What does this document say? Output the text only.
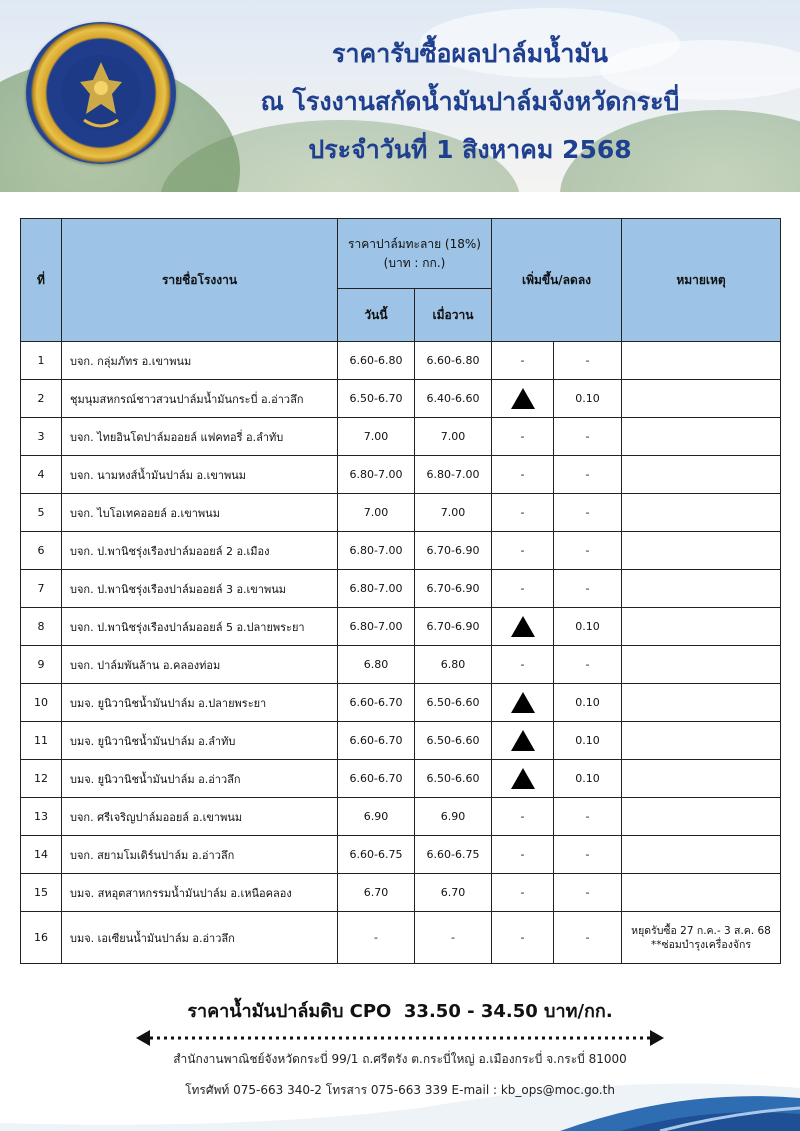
ราคารับซื้อผลปาล์มน้ำมัน
ณ โรงงานสกัดน้ำมันปาล์มจังหวัดกระบี่
ประจำวันที่ 1 สิงหาคม 2568
ที่	รายชื่อโรงงาน	ราคาปาล์มทะลาย (18%)
(บาท : กก.)		เพิ่มขึ้น/ลดลง		หมายเหตุ
		วันนี้	เมื่อวาน			
1	บจก. กลุ่มภัทร อ.เขาพนม	6.60-6.80	6.60-6.80	-	-	

2	ชุมนุมสหกรณ์ชาวสวนปาล์มน้ำมันกระบี่ อ.อ่าวลึก	6.50-6.70	6.40-6.60		0.10	

3	บจก. ไทยอินโดปาล์มออยล์ แฟคทอรี่ อ.ลำทับ	7.00	7.00	-	-	

4	บจก. นามหงส์น้ำมันปาล์ม อ.เขาพนม	6.80-7.00	6.80-7.00	-	-	

5	บจก. ไบโอเทคออยล์ อ.เขาพนม	7.00	7.00	-	-	

6	บจก. ป.พานิชรุ่งเรืองปาล์มออยล์ 2 อ.เมือง	6.80-7.00	6.70-6.90	-	-	

7	บจก. ป.พานิชรุ่งเรืองปาล์มออยล์ 3 อ.เขาพนม	6.80-7.00	6.70-6.90	-	-	

8	บจก. ป.พานิชรุ่งเรืองปาล์มออยล์ 5 อ.ปลายพระยา	6.80-7.00	6.70-6.90		0.10	

9	บจก. ปาล์มพันล้าน อ.คลองท่อม	6.80	6.80	-	-	

10	บมจ. ยูนิวานิชน้ำมันปาล์ม อ.ปลายพระยา	6.60-6.70	6.50-6.60		0.10	

11	บมจ. ยูนิวานิชน้ำมันปาล์ม อ.ลำทับ	6.60-6.70	6.50-6.60		0.10	

12	บมจ. ยูนิวานิชน้ำมันปาล์ม อ.อ่าวลึก	6.60-6.70	6.50-6.60		0.10	

13	บจก. ศรีเจริญปาล์มออยล์ อ.เขาพนม	6.90	6.90	-	-	

14	บจก. สยามโมเดิร์นปาล์ม อ.อ่าวลึก	6.60-6.75	6.60-6.75	-	-	

15	บมจ. สหอุตสาหกรรมน้ำมันปาล์ม อ.เหนือคลอง	6.70	6.70	-	-	

16	บมจ. เอเซียนน้ำมันปาล์ม อ.อ่าวลึก	-	-	-	-	หยุดรับซื้อ 27 ก.ค.- 3 ส.ค. 68
**ซ่อมบำรุงเครื่องจักร
ราคาน้ำมันปาล์มดิบ CPO 33.50 - 34.50 บาท/กก.
สำนักงานพาณิชย์จังหวัดกระบี่ 99/1 ถ.ศรีตรัง ต.กระบี่ใหญ่ อ.เมืองกระบี่ จ.กระบี่ 81000
โทรศัพท์ 075-663 340-2 โทรสาร 075-663 339 E-mail : kb_ops@moc.go.th
